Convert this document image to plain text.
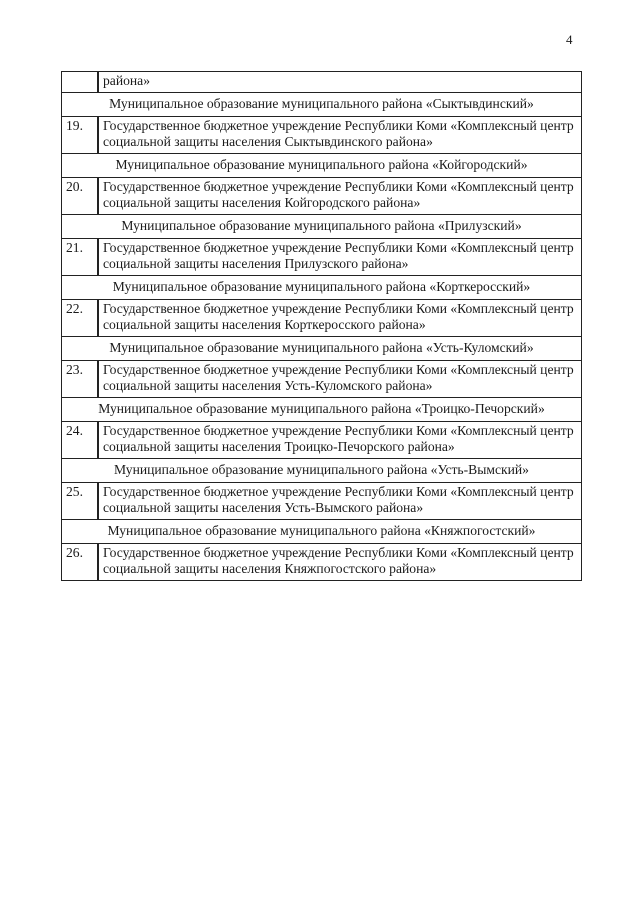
4
	района»
Муниципальное образование муниципального района «Сыктывдинский»	
19.	Государственное бюджетное учреждение Республики Коми «Комплексный центр социальной защиты населения Сыктывдинского района»
Муниципальное образование муниципального района «Койгородский»	
20.	Государственное бюджетное учреждение Республики Коми «Комплексный центр социальной защиты населения Койгородского района»
Муниципальное образование муниципального района «Прилузский»	
21.	Государственное бюджетное учреждение Республики Коми «Комплексный центр социальной защиты населения Прилузского района»
Муниципальное образование муниципального района «Корткеросский»	
22.	Государственное бюджетное учреждение Республики Коми «Комплексный центр социальной защиты населения Корткеросского района»
Муниципальное образование муниципального района «Усть-Куломский»	
23.	Государственное бюджетное учреждение Республики Коми «Комплексный центр социальной защиты населения Усть-Куломского района»
Муниципальное образование муниципального района «Троицко-Печорский»	
24.	Государственное бюджетное учреждение Республики Коми «Комплексный центр социальной защиты населения Троицко-Печорского района»
Муниципальное образование муниципального района «Усть-Вымский»	
25.	Государственное бюджетное учреждение Республики Коми «Комплексный центр социальной защиты населения Усть-Вымского района»
Муниципальное образование муниципального района «Княжпогостский»	
26.	Государственное бюджетное учреждение Республики Коми «Комплексный центр социальной защиты населения Княжпогостского района»
